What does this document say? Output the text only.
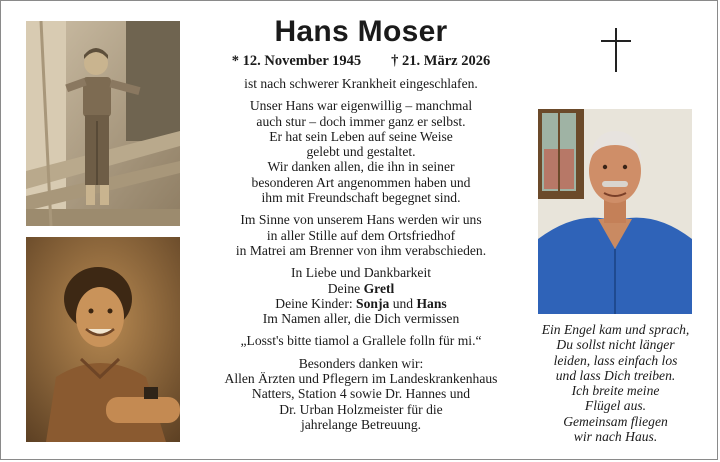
Hans Moser
* 12. November 1945 † 21. März 2026

ist nach schwerer Krankheit eingeschlafen.

Unser Hans war eigenwillig – manchmal
auch stur – doch immer ganz er selbst.
Er hat sein Leben auf seine Weise
gelebt und gestaltet.
Wir danken allen, die ihn in seiner
besonderen Art angenommen haben und
ihm mit Freundschaft begegnet sind.

Im Sinne von unserem Hans werden wir uns
in aller Stille auf dem Ortsfriedhof
in Matrei am Brenner von ihm verabschieden.

In Liebe und Dankbarkeit
Deine Gretl
Deine Kinder: Sonja und Hans
Im Namen aller, die Dich vermissen

„Losst's bitte tiamol a Grallele folln für mi.“

Besonders danken wir:
Allen Ärzten und Pflegern im Landeskrankenhaus
Natters, Station 4 sowie Dr. Hannes und
Dr. Urban Holzmeister für die
jahrelange Betreuung.

Ein Engel kam und sprach,
Du sollst nicht länger
leiden, lass einfach los
und lass Dich treiben.
Ich breite meine
Flügel aus.
Gemeinsam fliegen
wir nach Haus.
